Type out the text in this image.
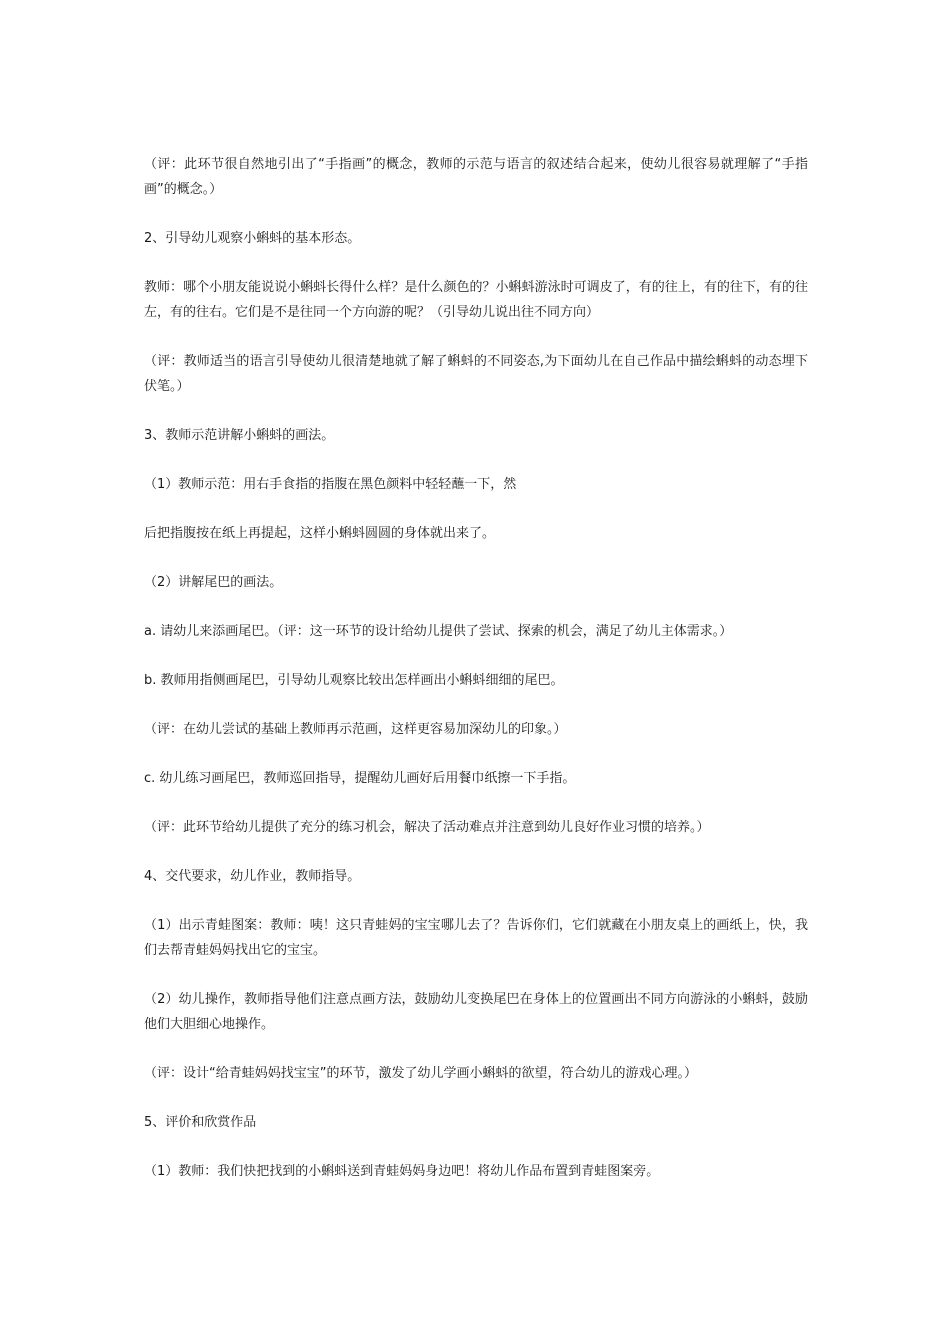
（评：此环节很自然地引出了“手指画”的概念，教师的示范与语言的叙述结合起来，使幼儿很容易就理解了“手指画”的概念。）

2、引导幼儿观察小蝌蚪的基本形态。

教师：哪个小朋友能说说小蝌蚪长得什么样？是什么颜色的？小蝌蚪游泳时可调皮了，有的往上，有的往下，有的往左，有的往右。它们是不是往同一个方向游的呢？（引导幼儿说出往不同方向）

（评：教师适当的语言引导使幼儿很清楚地就了解了蝌蚪的不同姿态,为下面幼儿在自己作品中描绘蝌蚪的动态埋下伏笔。）

3、教师示范讲解小蝌蚪的画法。

（1）教师示范：用右手食指的指腹在黑色颜料中轻轻蘸一下，然

后把指腹按在纸上再提起，这样小蝌蚪圆圆的身体就出来了。

（2）讲解尾巴的画法。

a. 请幼儿来添画尾巴。（评：这一环节的设计给幼儿提供了尝试、探索的机会，满足了幼儿主体需求。）

b. 教师用指侧画尾巴，引导幼儿观察比较出怎样画出小蝌蚪细细的尾巴。

（评：在幼儿尝试的基础上教师再示范画，这样更容易加深幼儿的印象。）

c. 幼儿练习画尾巴，教师巡回指导，提醒幼儿画好后用餐巾纸擦一下手指。

（评：此环节给幼儿提供了充分的练习机会，解决了活动难点并注意到幼儿良好作业习惯的培养。）

4、交代要求，幼儿作业，教师指导。

（1）出示青蛙图案：教师：咦！这只青蛙妈的宝宝哪儿去了？告诉你们，它们就藏在小朋友桌上的画纸上，快，我们去帮青蛙妈妈找出它的宝宝。

（2）幼儿操作，教师指导他们注意点画方法，鼓励幼儿变换尾巴在身体上的位置画出不同方向游泳的小蝌蚪，鼓励他们大胆细心地操作。

（评：设计“给青蛙妈妈找宝宝”的环节，激发了幼儿学画小蝌蚪的欲望，符合幼儿的游戏心理。）

5、评价和欣赏作品

（1）教师：我们快把找到的小蝌蚪送到青蛙妈妈身边吧！将幼儿作品布置到青蛙图案旁。
